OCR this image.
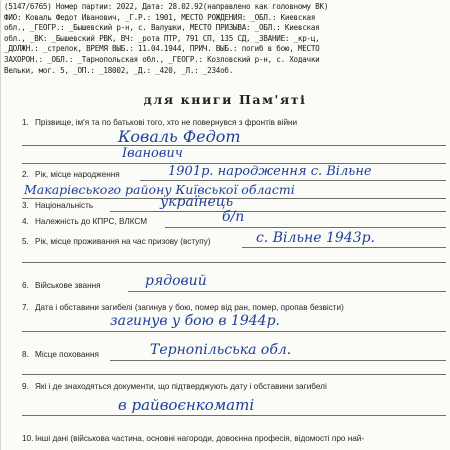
(5147/6765) Номер партии: 2022, Дата: 28.02.92(направлено как головному ВК)
ФИО: Коваль Федот Иванович, _Г.Р.: 1901, МЕСТО РОЖДЕНИЯ: _ОБЛ.: Киевская
обл., _ГЕОГР.: _Бышевский р-н, с. Валушки, МЕСТО ПРИЗЫВА: _ОБЛ.: Киевская
обл., _ВК: _Бышевский РВК, ВЧ: _рота ПТР, 791 СП, 135 СД, _ЗВАНИЕ: _кр-ц,
_ДОЛЖН.: _стрелок, ВРЕМЯ ВЫБ.: 11.04.1944, ПРИЧ. ВЫБ.: погиб в бою, МЕСТО
ЗАХОРОН.: _ОБЛ.: _Тарнопольская обл., _ГЕОГР.: Козловский р-н, с. Ходачки
Вельки, мог. 5, _ОП.: _18002, _Д.: _420, _Л.: _234об.
для книги Пам'яті
1. Прізвище, ім'я та по батькові того, хто не повернувся з фронтів війни
Коваль Федот
Іванович
2. Рік, місце народження	1901р. народження с. Вільне
Макарівського району Київської області
3. Національність	українець
4. Належність до КПРС, ВЛКСМ	б/п
5. Рік, місце проживання на час призову (вступу)	с. Вільне 1943р.
6. Військове звання	рядовий
7. Дата і обставини загибелі (загинув у бою, помер від ран, помер, пропав безвісти)
загинув у бою в 1944р.
8. Місце поховання	Тернопільська обл.
9. Які і де знаходяться документи, що підтверджують дату і обставини загибелі
в райвоєнкоматі
10. Інші дані (військова частина, основні нагороди, довоєнна професія, відомості про най-
